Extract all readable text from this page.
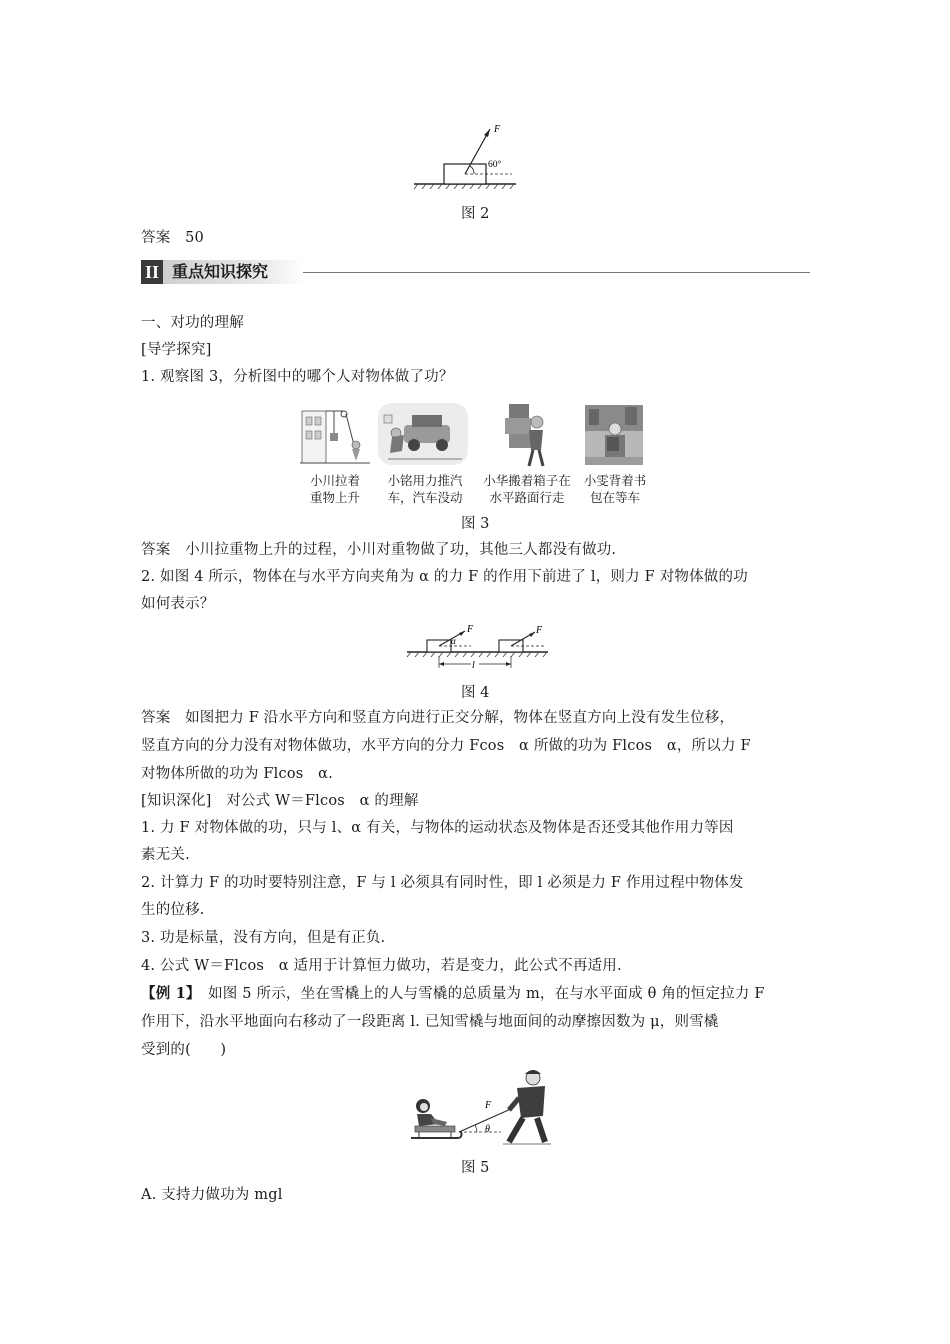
F
60°
图 2
答案　50
II 重点知识探究
一、对功的理解
[导学探究]
1. 观察图 3，分析图中的哪个人对物体做了功？
小川拉着
重物上升
小铭用力推汽
车，汽车没动
小华搬着箱子在
水平路面行走
小雯背着书
包在等车
图 3
答案　小川拉重物上升的过程，小川对重物做了功，其他三人都没有做功.
2. 如图 4 所示，物体在与水平方向夹角为 α 的力 F 的作用下前进了 l，则力 F 对物体做的功
如何表示？
F
α
F
l
图 4
答案　如图把力 F 沿水平方向和竖直方向进行正交分解，物体在竖直方向上没有发生位移，
竖直方向的分力没有对物体做功，水平方向的分力 Fcos　α 所做的功为 Flcos　α，所以力 F
对物体所做的功为 Flcos　α.
[知识深化]　对公式 W＝Flcos　α 的理解
1. 力 F 对物体做的功，只与 l、α 有关，与物体的运动状态及物体是否还受其他作用力等因
素无关.
2. 计算力 F 的功时要特别注意，F 与 l 必须具有同时性，即 l 必须是力 F 作用过程中物体发
生的位移.
3. 功是标量，没有方向，但是有正负.
4. 公式 W＝Flcos　α 适用于计算恒力做功，若是变力，此公式不再适用.
【例 1】　如图 5 所示，坐在雪橇上的人与雪橇的总质量为 m，在与水平面成 θ 角的恒定拉力 F
作用下，沿水平地面向右移动了一段距离 l. 已知雪橇与地面间的动摩擦因数为 μ，则雪橇
受到的(　　)
θ
F
图 5
A. 支持力做功为 mgl
